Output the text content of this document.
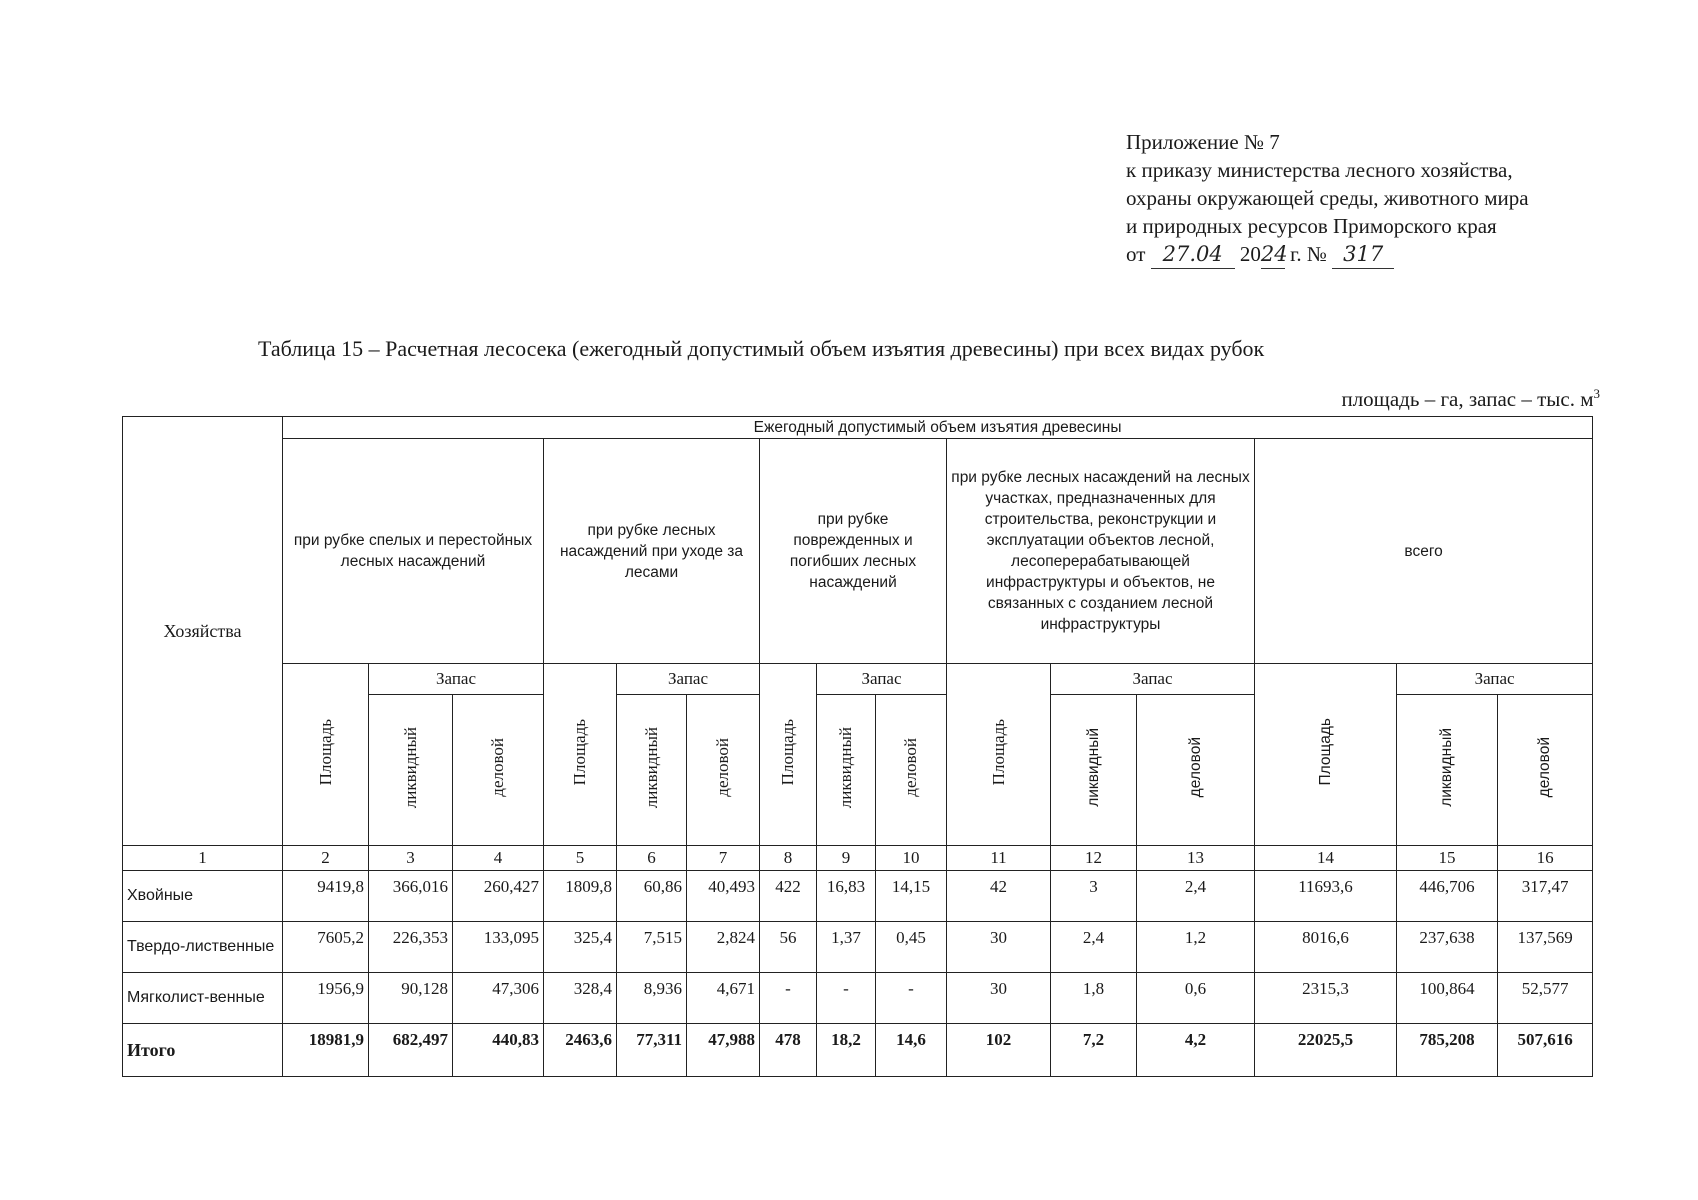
Приложение № 7
к приказу министерства лесного хозяйства,
охраны окружающей среды, животного мира
и природных ресурсов Приморского края
от 27.04 2024 г. № 317
Таблица 15 – Расчетная лесосека (ежегодный допустимый объем изъятия древесины) при всех видах рубок
площадь – га, запас – тыс. $м^3$
Хозяйства	Ежегодный допустимый объем изъятия древесины														
	при рубке спелых и перестойных лесных насаждений			при рубке лесных насаждений при уходе за лесами			при рубке поврежденных и погибших лесных насаждений			при рубке лесных насаждений на лесных участках, предназначенных для строительства, реконструкции и эксплуатации объектов лесной, лесоперерабатывающей инфраструктуры и объектов, не связанных с созданием лесной инфраструктуры			всего		
	Площадь	Запас		Площадь	Запас		Площадь	Запас		Площадь	Запас		Площадь	Запас	
		ликвидный	деловой		ликвидный	деловой		ликвидный	деловой		ликвидный	деловой		ликвидный	деловой
1	2	3	4	5	6	7	8	9	10	11	12	13	14	15	16
Хвойные	9419,8	366,016	260,427	1809,8	60,86	40,493	422	16,83	14,15	42	3	2,4	11693,6	446,706	317,47
Твердо-лиственные	7605,2	226,353	133,095	325,4	7,515	2,824	56	1,37	0,45	30	2,4	1,2	8016,6	237,638	137,569
Мягколист-венные	1956,9	90,128	47,306	328,4	8,936	4,671	-	-	-	30	1,8	0,6	2315,3	100,864	52,577
Итого	18981,9	682,497	440,83	2463,6	77,311	47,988	478	18,2	14,6	102	7,2	4,2	22025,5	785,208	507,616
